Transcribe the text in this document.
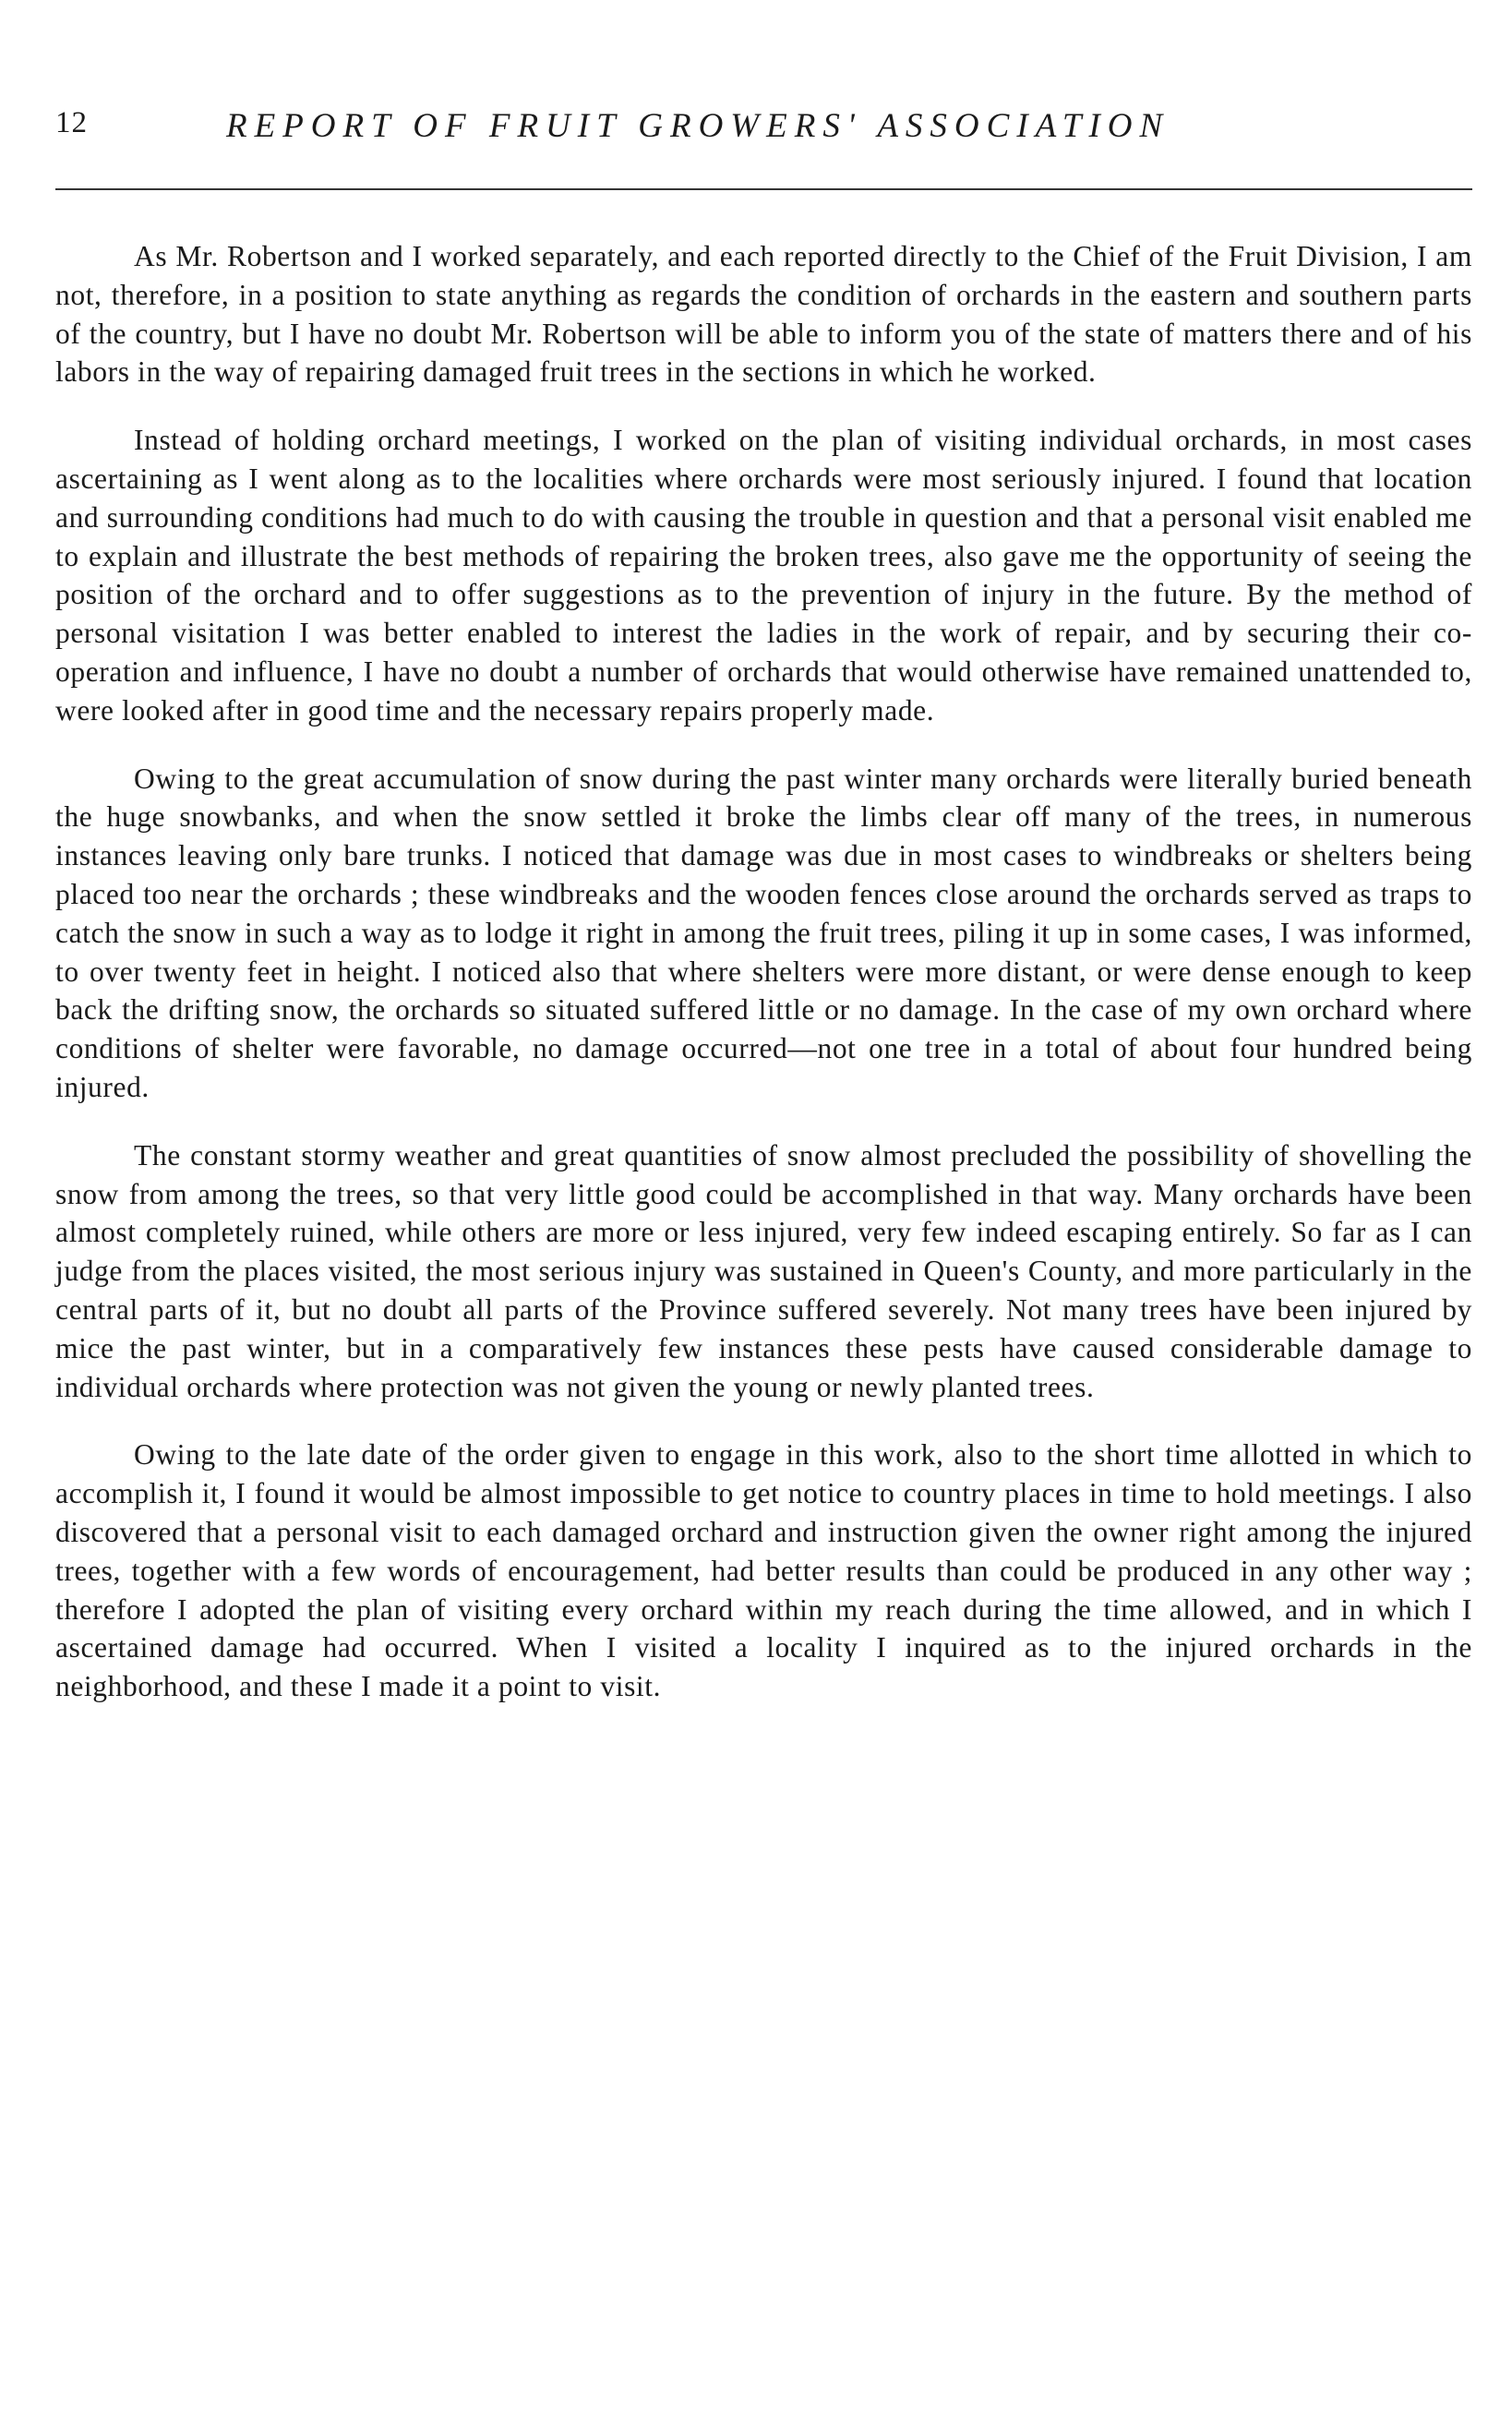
12	REPORT OF FRUIT GROWERS' ASSOCIATION

As Mr. Robertson and I worked separately, and each reported directly to the Chief of the Fruit Division, I am not, therefore, in a position to state anything as regards the condition of orchards in the eastern and southern parts of the country, but I have no doubt Mr. Robertson will be able to inform you of the state of matters there and of his labors in the way of repairing damaged fruit trees in the sections in which he worked.

Instead of holding orchard meetings, I worked on the plan of visiting individual orchards, in most cases ascertaining as I went along as to the localities where orchards were most seriously injured. I found that location and surrounding conditions had much to do with causing the trouble in question and that a personal visit enabled me to explain and illustrate the best methods of repairing the broken trees, also gave me the opportunity of seeing the position of the orchard and to offer suggestions as to the prevention of injury in the future. By the method of personal visitation I was better enabled to interest the ladies in the work of repair, and by securing their co-operation and influence, I have no doubt a number of orchards that would otherwise have remained unattended to, were looked after in good time and the necessary repairs properly made.

Owing to the great accumulation of snow during the past winter many orchards were literally buried beneath the huge snowbanks, and when the snow settled it broke the limbs clear off many of the trees, in numerous instances leaving only bare trunks. I noticed that damage was due in most cases to windbreaks or shelters being placed too near the orchards ; these windbreaks and the wooden fences close around the orchards served as traps to catch the snow in such a way as to lodge it right in among the fruit trees, piling it up in some cases, I was informed, to over twenty feet in height. I noticed also that where shelters were more distant, or were dense enough to keep back the drifting snow, the orchards so situated suffered little or no damage. In the case of my own orchard where conditions of shelter were favorable, no damage occurred—not one tree in a total of about four hundred being injured.

The constant stormy weather and great quantities of snow almost precluded the possibility of shovelling the snow from among the trees, so that very little good could be accomplished in that way. Many orchards have been almost completely ruined, while others are more or less injured, very few indeed escaping entirely. So far as I can judge from the places visited, the most serious injury was sustained in Queen's County, and more particularly in the central parts of it, but no doubt all parts of the Province suffered severely. Not many trees have been injured by mice the past winter, but in a comparatively few instances these pests have caused considerable damage to individual orchards where protection was not given the young or newly planted trees.

Owing to the late date of the order given to engage in this work, also to the short time allotted in which to accomplish it, I found it would be almost impossible to get notice to country places in time to hold meetings. I also discovered that a personal visit to each damaged orchard and instruction given the owner right among the injured trees, together with a few words of encouragement, had better results than could be produced in any other way ; therefore I adopted the plan of visiting every orchard within my reach during the time allowed, and in which I ascertained damage had occurred. When I visited a locality I inquired as to the injured orchards in the neighborhood, and these I made it a point to visit.
